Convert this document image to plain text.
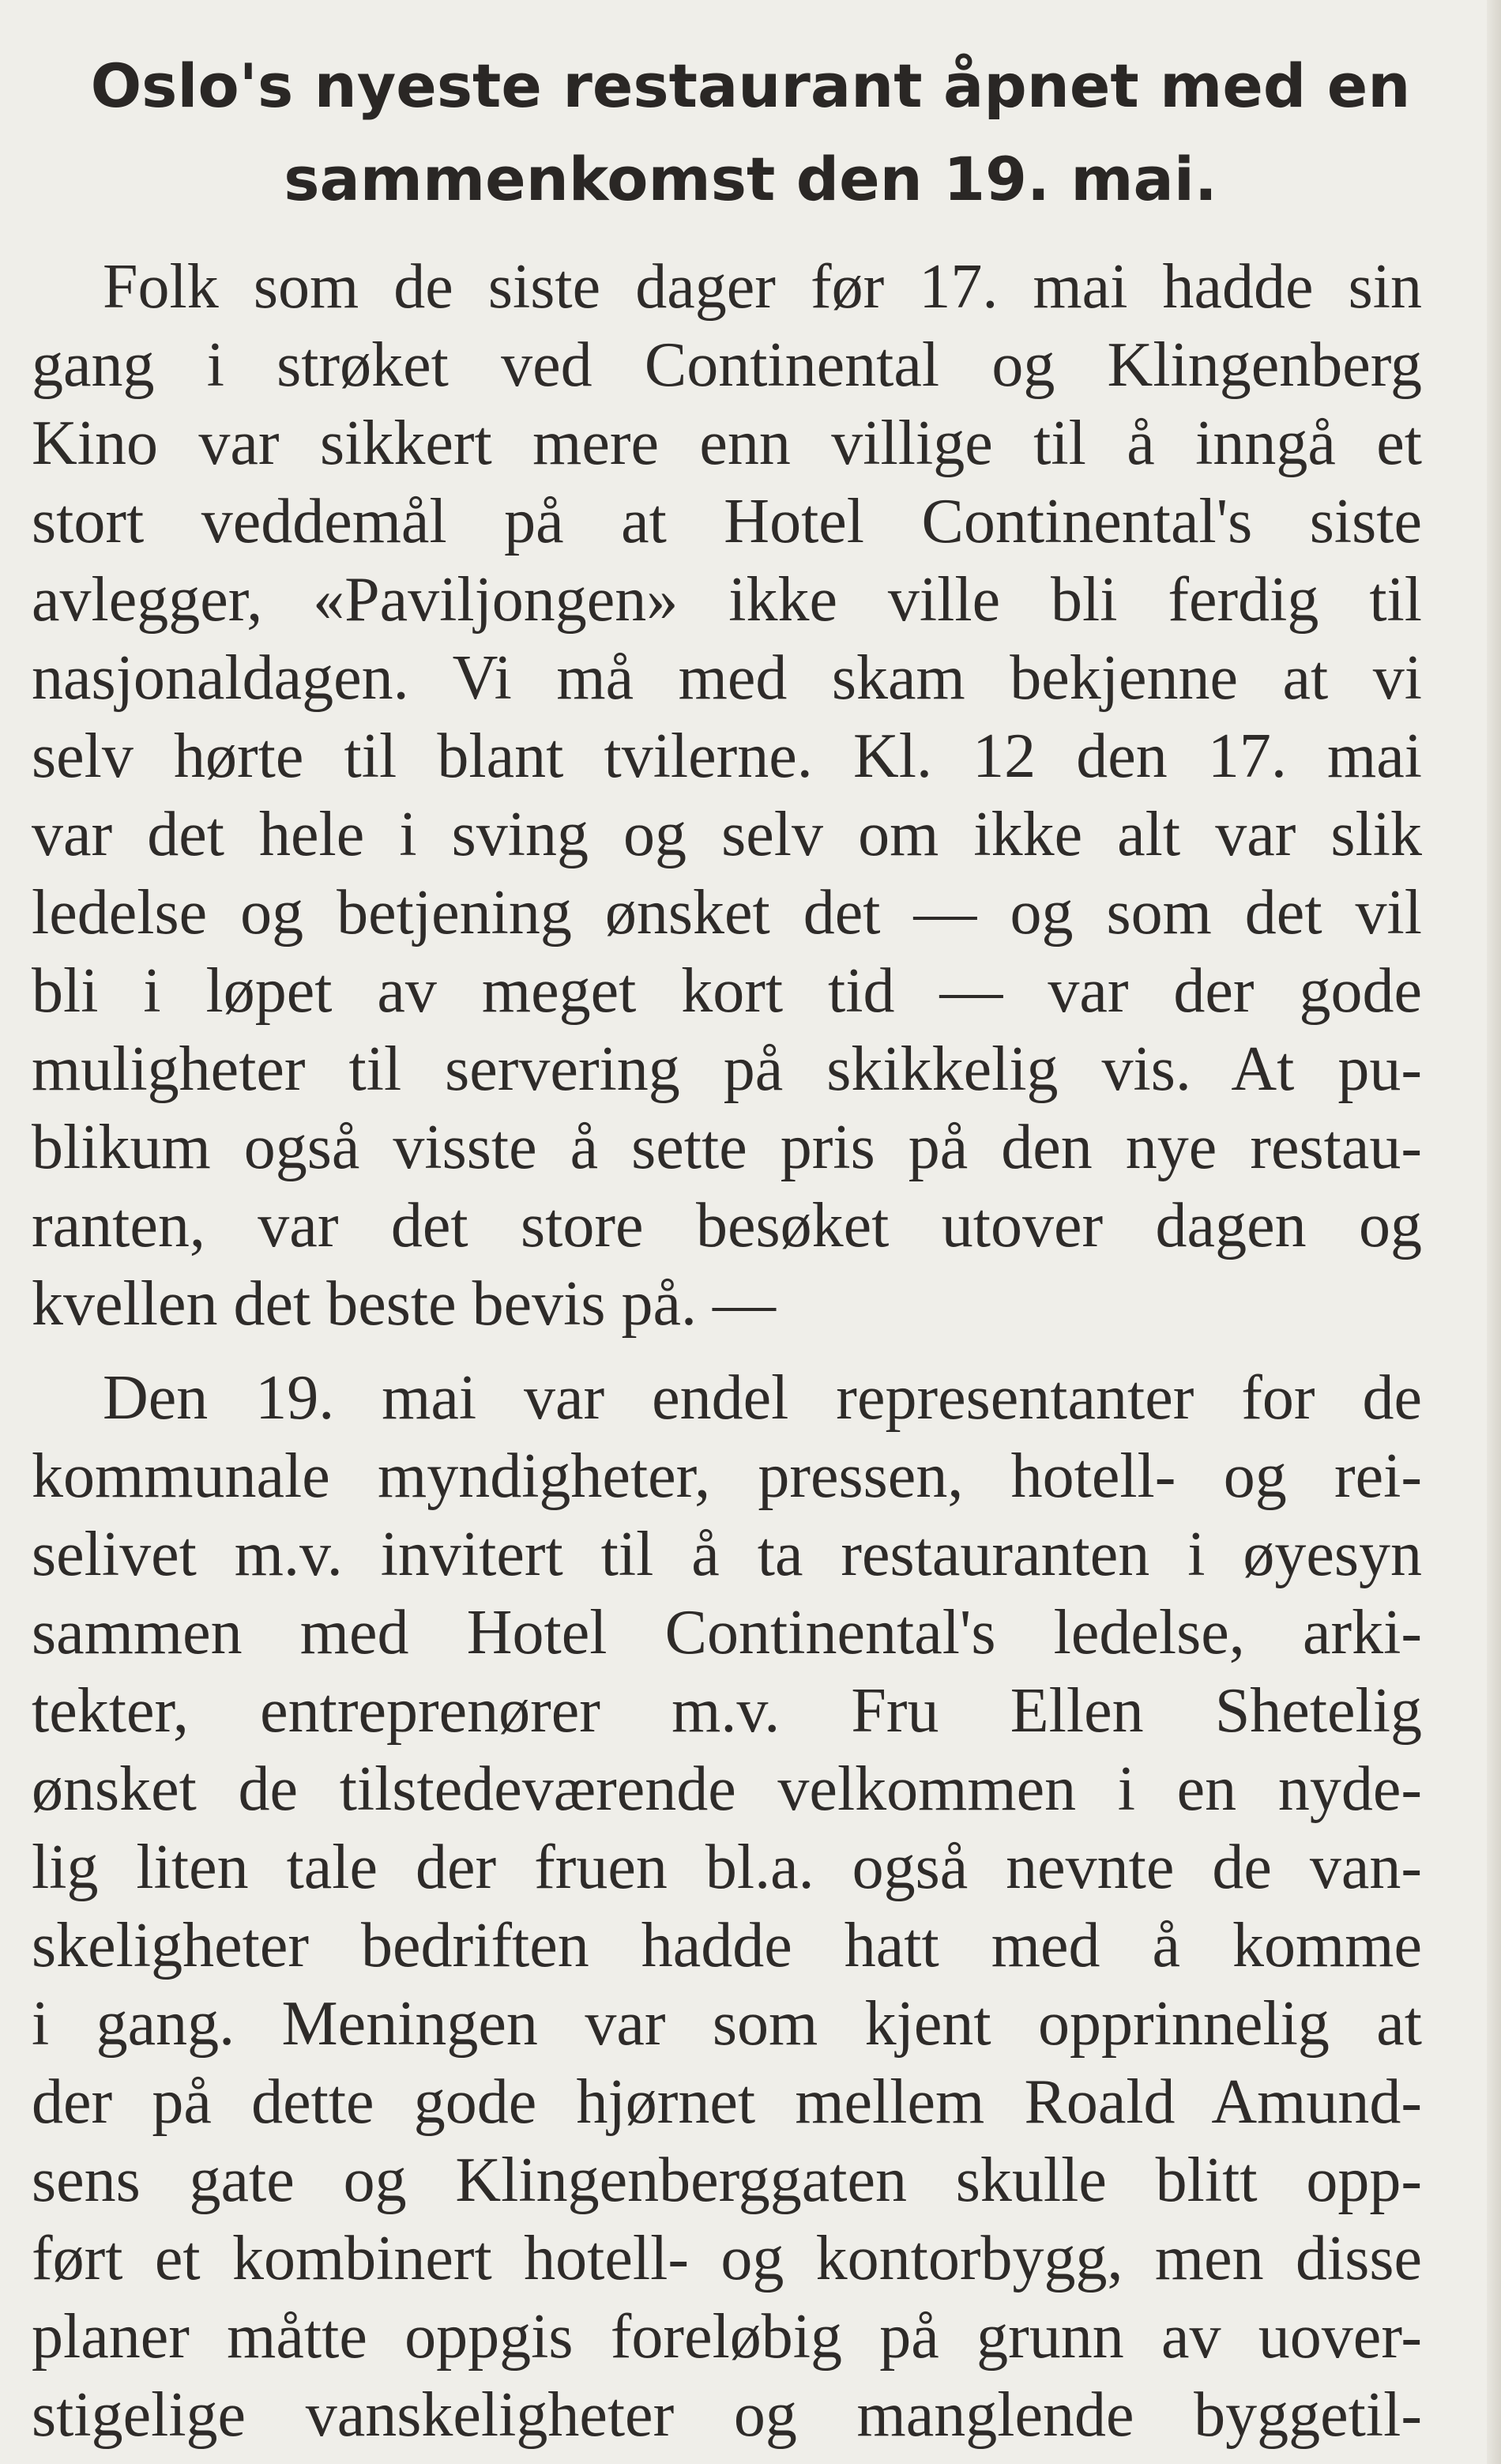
Oslo's nyeste restaurant åpnet med en
sammenkomst den 19. mai.
Folk som de siste dager før 17. mai hadde sin
gang i strøket ved Continental og Klingenberg
Kino var sikkert mere enn villige til å inngå et
stort veddemål på at Hotel Continental's siste
avlegger, «Paviljongen» ikke ville bli ferdig til
nasjonaldagen. Vi må med skam bekjenne at vi
selv hørte til blant tvilerne. Kl. 12 den 17. mai
var det hele i sving og selv om ikke alt var slik
ledelse og betjening ønsket det — og som det vil
bli i løpet av meget kort tid — var der gode
muligheter til servering på skikkelig vis. At pu-
blikum også visste å sette pris på den nye restau-
ranten, var det store besøket utover dagen og
kvellen det beste bevis på. —
Den 19. mai var endel representanter for de
kommunale myndigheter, pressen, hotell- og rei-
selivet m.v. invitert til å ta restauranten i øyesyn
sammen med Hotel Continental's ledelse, arki-
tekter, entreprenører m.v. Fru Ellen Shetelig
ønsket de tilstedeværende velkommen i en nyde-
lig liten tale der fruen bl.a. også nevnte de van-
skeligheter bedriften hadde hatt med å komme
i gang. Meningen var som kjent opprinnelig at
der på dette gode hjørnet mellem Roald Amund-
sens gate og Klingenberggaten skulle blitt opp-
ført et kombinert hotell- og kontorbygg, men disse
planer måtte oppgis foreløbig på grunn av uover-
stigelige vanskeligheter og manglende byggetil-
